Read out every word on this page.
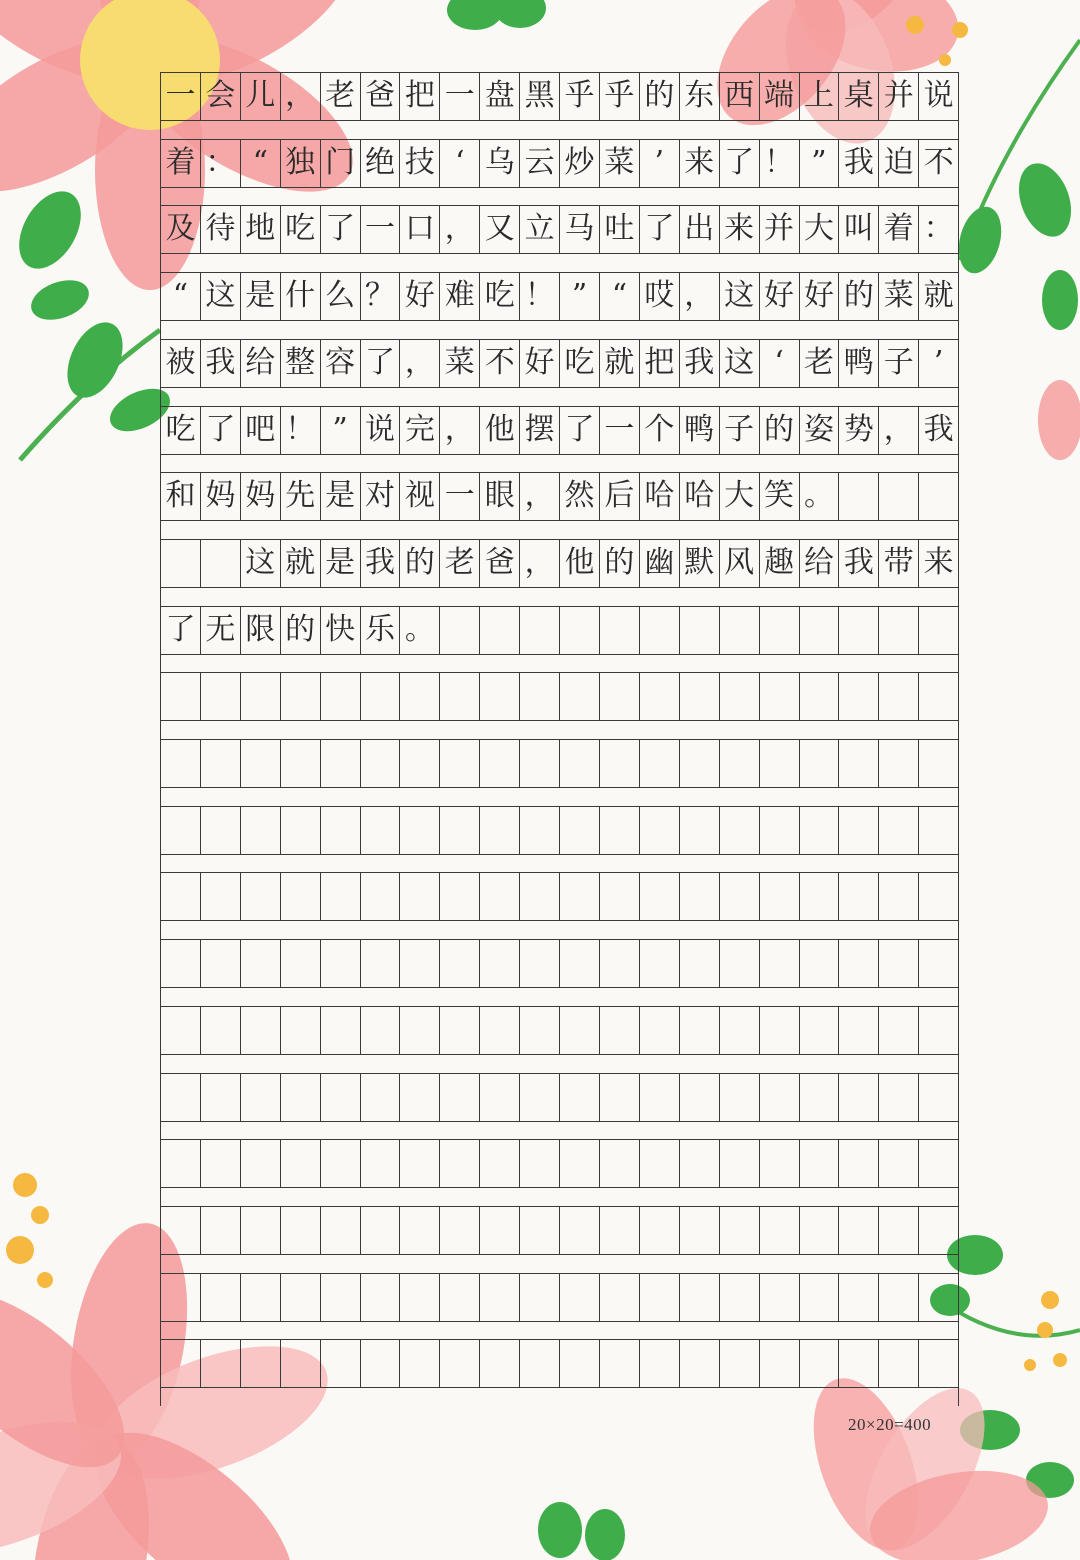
一 会 儿 ， 老 爸 把 一 盘 黑 乎 乎 的 东 西 端 上 桌 并 说
着 ： “ 独 门 绝 技 ‘ 乌 云 炒 菜 ’ 来 了 ！ ” 我 迫 不
及 待 地 吃 了 一 口 ， 又 立 马 吐 了 出 来 并 大 叫 着 ：
“ 这 是 什 么 ？ 好 难 吃 ！ ” “ 哎 ， 这 好 好 的 菜 就
被 我 给 整 容 了 ， 菜 不 好 吃 就 把 我 这 ‘ 老 鸭 子 ’
吃 了 吧 ！ ” 说 完 ， 他 摆 了 一 个 鸭 子 的 姿 势 ， 我
和 妈 妈 先 是 对 视 一 眼 ， 然 后 哈 哈 大 笑 。

这 就 是 我 的 老 爸 ， 他 的 幽 默 风 趣 给 我 带 来
了 无 限 的 快 乐 。
20×20=400
